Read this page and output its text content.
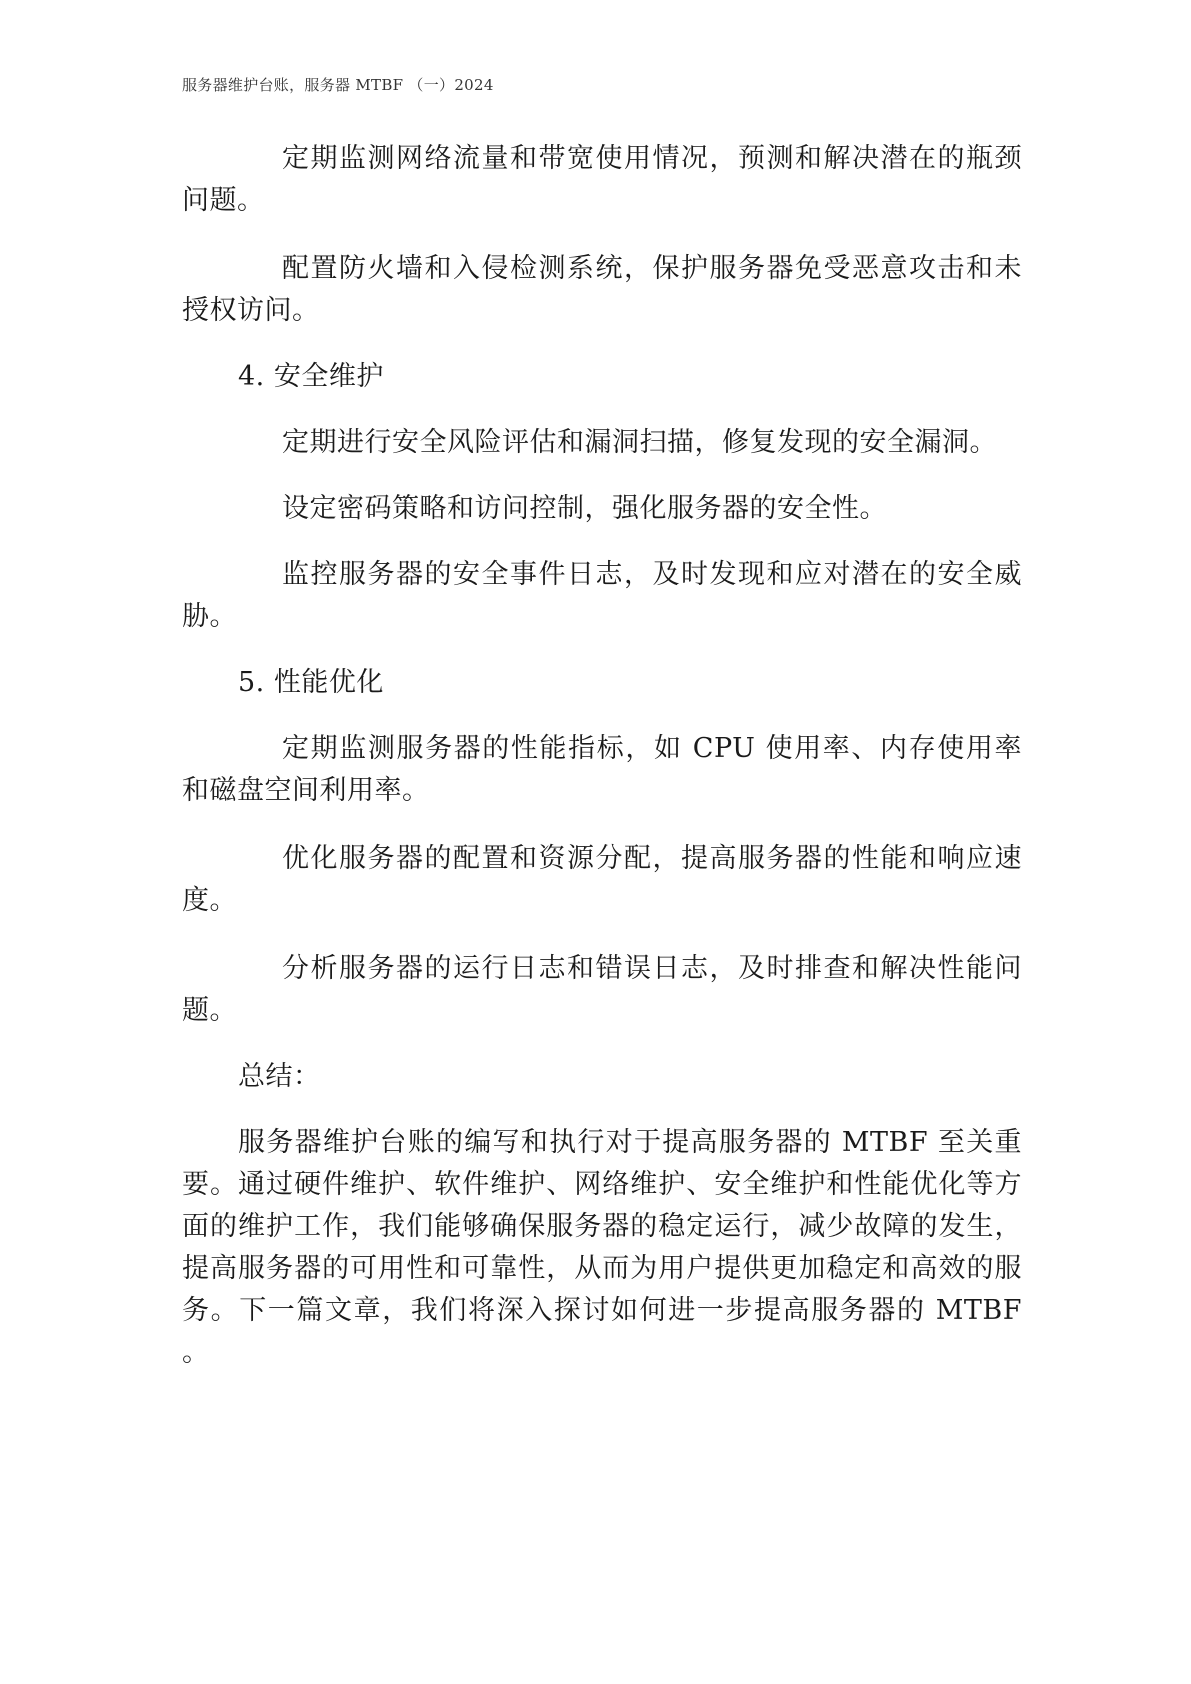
服务器维护台账，服务器 MTBF （一）2024

定期监测网络流量和带宽使用情况，预测和解决潜在的瓶颈问题。

配置防火墙和入侵检测系统，保护服务器免受恶意攻击和未授权访问。

4. 安全维护

定期进行安全风险评估和漏洞扫描，修复发现的安全漏洞。

设定密码策略和访问控制，强化服务器的安全性。

监控服务器的安全事件日志，及时发现和应对潜在的安全威胁。

5. 性能优化

定期监测服务器的性能指标，如 CPU 使用率、内存使用率和磁盘空间利用率。

优化服务器的配置和资源分配，提高服务器的性能和响应速度。

分析服务器的运行日志和错误日志，及时排查和解决性能问题。

总结：

服务器维护台账的编写和执行对于提高服务器的 MTBF 至关重要。通过硬件维护、软件维护、网络维护、安全维护和性能优化等方面的维护工作，我们能够确保服务器的稳定运行，减少故障的发生，提高服务器的可用性和可靠性，从而为用户提供更加稳定和高效的服务。下一篇文章，我们将深入探讨如何进一步提高服务器的 MTBF 。
